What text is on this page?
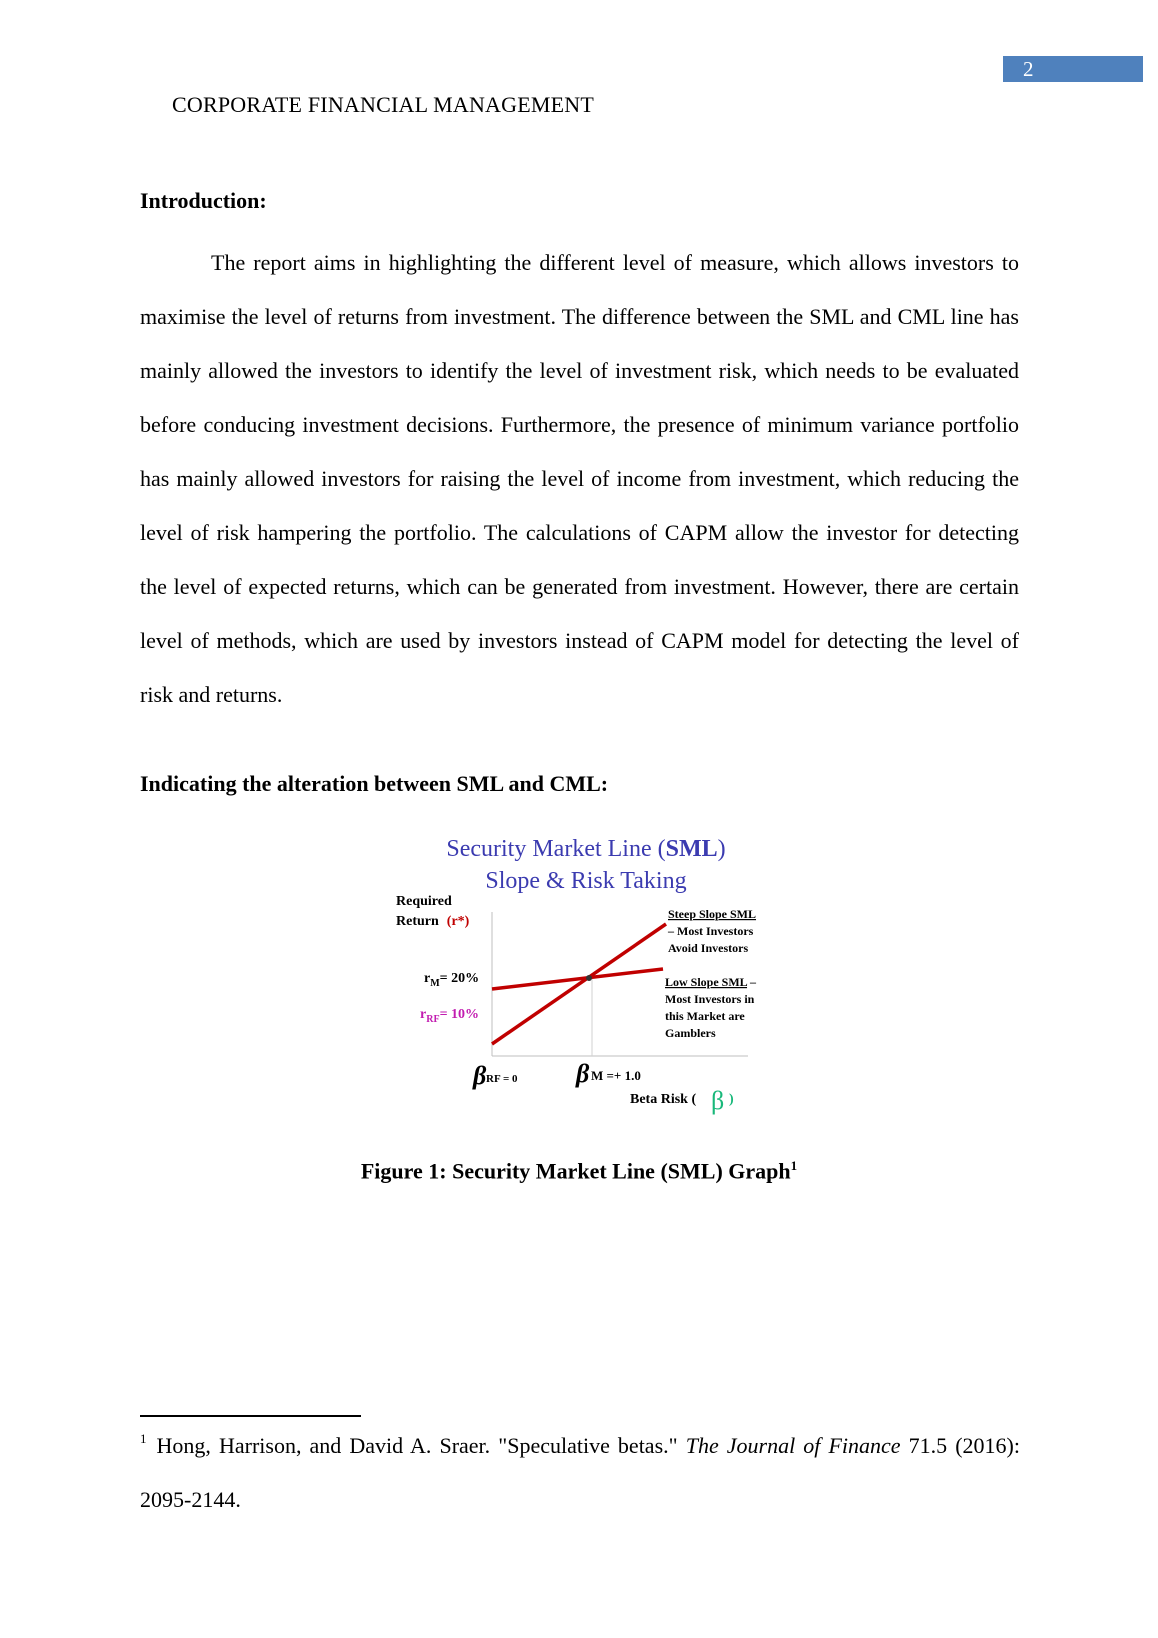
2
CORPORATE FINANCIAL MANAGEMENT
Introduction:

The report aims in highlighting the different level of measure, which allows investors to maximise the level of returns from investment. The difference between the SML and CML line has mainly allowed the investors to identify the level of investment risk, which needs to be evaluated before conducing investment decisions. Furthermore, the presence of minimum variance portfolio has mainly allowed investors for raising the level of income from investment, which reducing the level of risk hampering the portfolio. The calculations of CAPM allow the investor for detecting the level of expected returns, which can be generated from investment. However, there are certain level of methods, which are used by investors instead of CAPM model for detecting the level of risk and returns.

Indicating the alteration between SML and CML:
Security Market Line (SML)
Slope & Risk Taking
Required
Return (r*)
$r_M= 20\%$
$r_{RF}= 10\%$
β RF = 0 β M =+ 1.0
Beta Risk ( β )
Steep Slope SML
– Most Investors
Avoid Investors
Low Slope SML –
Most Investors in
this Market are
Gamblers
Figure 1: Security Market Line (SML) Graph$^1$

$^1$ Hong, Harrison, and David A. Sraer. "Speculative betas." The Journal of Finance 71.5 (2016): 2095-2144.
